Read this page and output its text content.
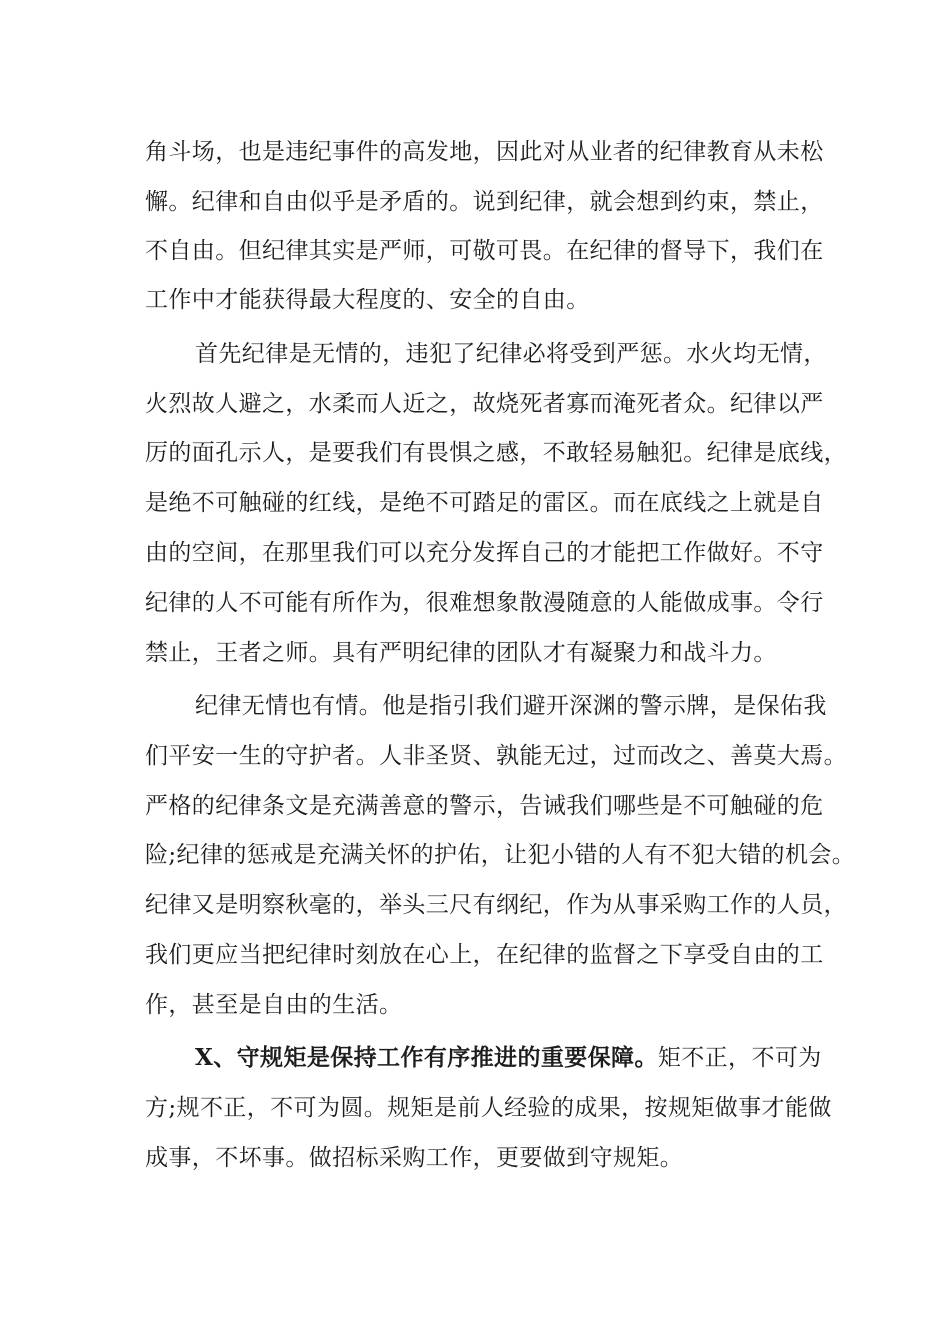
角斗场，也是违纪事件的高发地，因此对从业者的纪律教育从未松
懈。纪律和自由似乎是矛盾的。说到纪律，就会想到约束，禁止，
不自由。但纪律其实是严师，可敬可畏。在纪律的督导下，我们在
工作中才能获得最大程度的、安全的自由。
首先纪律是无情的，违犯了纪律必将受到严惩。水火均无情，
火烈故人避之，水柔而人近之，故烧死者寡而淹死者众。纪律以严
厉的面孔示人，是要我们有畏惧之感，不敢轻易触犯。纪律是底线，
是绝不可触碰的红线，是绝不可踏足的雷区。而在底线之上就是自
由的空间，在那里我们可以充分发挥自己的才能把工作做好。不守
纪律的人不可能有所作为，很难想象散漫随意的人能做成事。令行
禁止，王者之师。具有严明纪律的团队才有凝聚力和战斗力。
纪律无情也有情。他是指引我们避开深渊的警示牌，是保佑我
们平安一生的守护者。人非圣贤、孰能无过，过而改之、善莫大焉。
严格的纪律条文是充满善意的警示，告诫我们哪些是不可触碰的危
险;纪律的惩戒是充满关怀的护佑，让犯小错的人有不犯大错的机会。
纪律又是明察秋毫的，举头三尺有纲纪，作为从事采购工作的人员，
我们更应当把纪律时刻放在心上，在纪律的监督之下享受自由的工
作，甚至是自由的生活。
X、守规矩是保持工作有序推进的重要保障。矩不正，不可为
方;规不正，不可为圆。规矩是前人经验的成果，按规矩做事才能做
成事，不坏事。做招标采购工作，更要做到守规矩。
